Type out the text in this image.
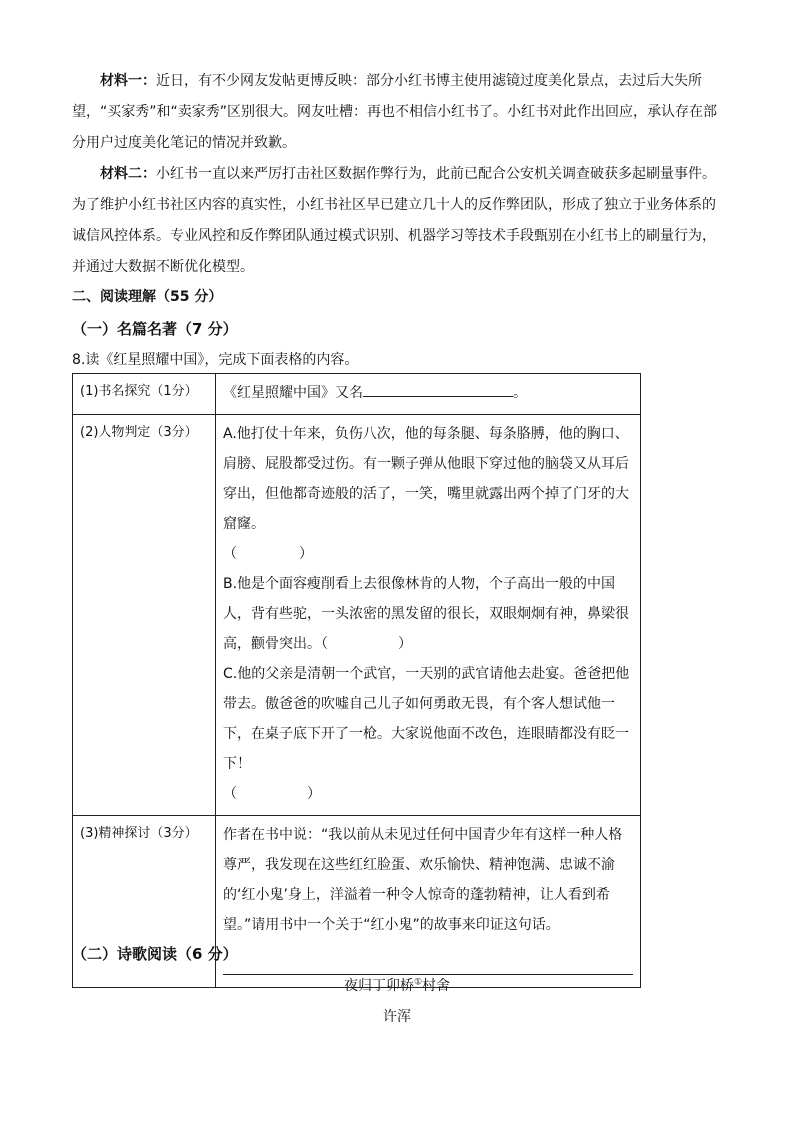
材料一：近日，有不少网友发帖更博反映：部分小红书博主使用滤镜过度美化景点，去过后大失所望，“买家秀”和“卖家秀”区别很大。网友吐槽：再也不相信小红书了。小红书对此作出回应，承认存在部分用户过度美化笔记的情况并致歉。

材料二：小红书一直以来严厉打击社区数据作弊行为，此前已配合公安机关调查破获多起刷量事件。为了维护小红书社区内容的真实性，小红书社区早已建立几十人的反作弊团队，形成了独立于业务体系的诚信风控体系。专业风控和反作弊团队通过模式识别、机器学习等技术手段甄别在小红书上的刷量行为，并通过大数据不断优化模型。

二、阅读理解（55 分）
（一）名篇名著（7 分）
8.读《红星照耀中国》，完成下面表格的内容。
(1)书名探究（1分）	《红星照耀中国》又名 。
(2)人物判定（3分）	A.他打仗十年来，负伤八次，他的每条腿、每条胳膊，他的胸口、肩膀、屁股都受过伤。有一颗子弹从他眼下穿过他的脑袋又从耳后穿出，但他都奇迹般的活了，一笑，嘴里就露出两个掉了门牙的大窟窿。
（ ）
B.他是个面容瘦削看上去很像林肯的人物，个子高出一般的中国人，背有些驼，一头浓密的黑发留的很长，双眼炯炯有神，鼻梁很高，颧骨突出。（ ）
C.他的父亲是清朝一个武官，一天别的武官请他去赴宴。爸爸把他带去。傲爸爸的吹嘘自己儿子如何勇敢无畏，有个客人想试他一下，在桌子底下开了一枪。大家说他面不改色，连眼睛都没有眨一下！
（ ）

(3)精神探讨（3分）	作者在书中说：“我以前从未见过任何中国青少年有这样一种人格尊严，我发现在这些红红脸蛋、欢乐愉快、精神饱满、忠诚不渝的‘红小鬼’身上，洋溢着一种令人惊奇的蓬勃精神，让人看到希望。”请用书中一个关于“红小鬼”的故事来印证这句话。
（二）诗歌阅读（6 分）
夜归丁卯桥①村舍
许浑
